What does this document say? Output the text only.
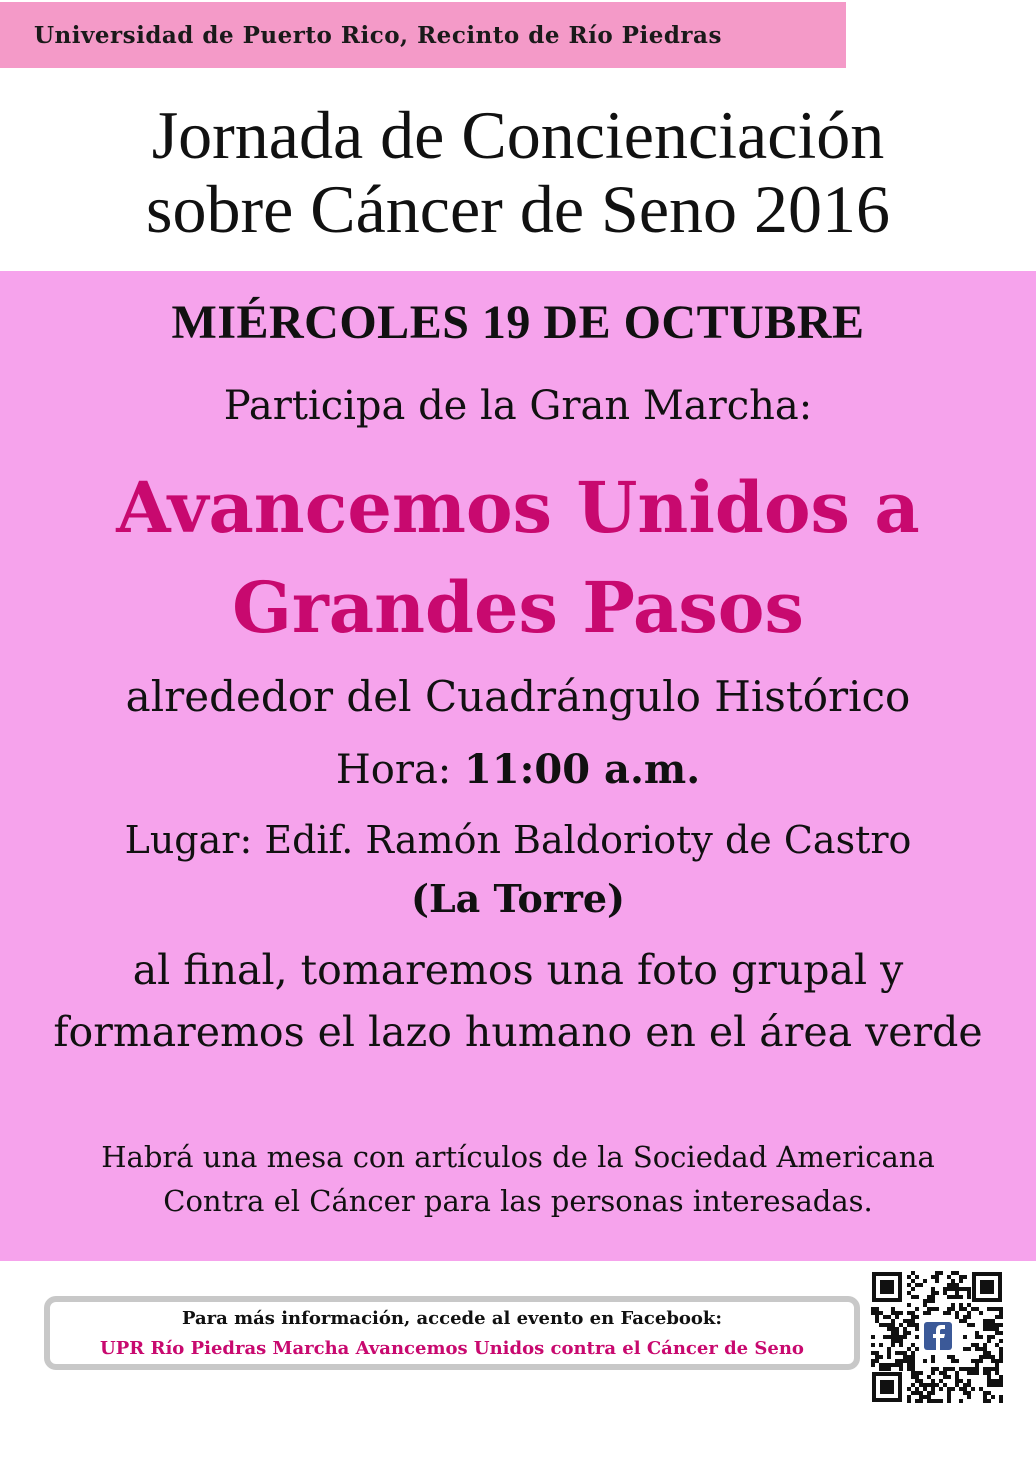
Universidad de Puerto Rico, Recinto de Río Piedras
Jornada de Concienciación
sobre Cáncer de Seno 2016
MIÉRCOLES 19 DE OCTUBRE
Participa de la Gran Marcha:
Avancemos Unidos a
Grandes Pasos
alrededor del Cuadrángulo Histórico
Hora: 11:00 a.m.
Lugar: Edif. Ramón Baldorioty de Castro
(La Torre)
al final, tomaremos una foto grupal y
formaremos el lazo humano en el área verde
Habrá una mesa con artículos de la Sociedad Americana
Contra el Cáncer para las personas interesadas.
Para más información, accede al evento en Facebook:
UPR Río Piedras Marcha Avancemos Unidos contra el Cáncer de Seno
